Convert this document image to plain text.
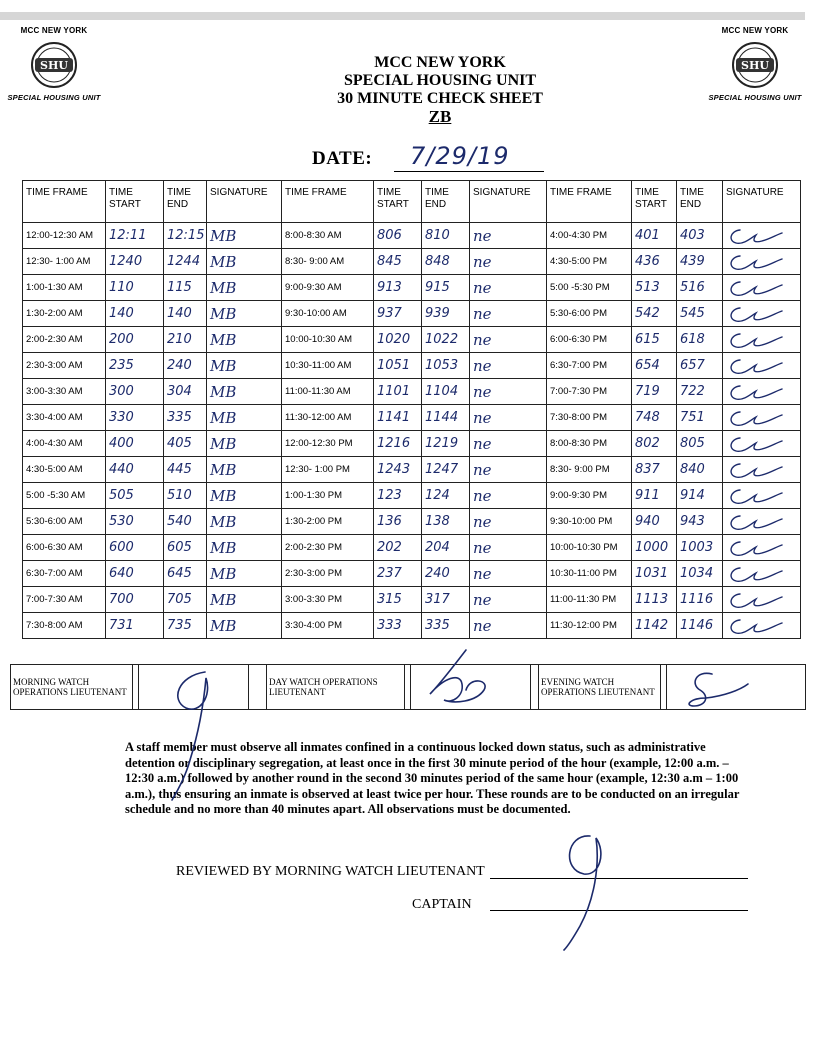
MCC NEW YORK
SHU
SPECIAL HOUSING UNIT
MCC NEW YORK
SHU
SPECIAL HOUSING UNIT
MCC NEW YORK
SPECIAL HOUSING UNIT
30 MINUTE CHECK SHEET
ZB
DATE: 7/29/19
TIME FRAME	TIME START	TIME END	SIGNATURE	TIME FRAME	TIME START	TIME END	SIGNATURE	TIME FRAME	TIME START	TIME END	SIGNATURE
12:00-12:30 AM	12:11	12:15	MB	8:00-8:30 AM	806	810	ne	4:00-4:30 PM	401	403	

12:30- 1:00 AM	1240	1244	MB	8:30- 9:00 AM	845	848	ne	4:30-5:00 PM	436	439	

1:00-1:30 AM	110	115	MB	9:00-9:30 AM	913	915	ne	5:00 -5:30 PM	513	516	

1:30-2:00 AM	140	140	MB	9:30-10:00 AM	937	939	ne	5:30-6:00 PM	542	545	

2:00-2:30 AM	200	210	MB	10:00-10:30 AM	1020	1022	ne	6:00-6:30 PM	615	618	

2:30-3:00 AM	235	240	MB	10:30-11:00 AM	1051	1053	ne	6:30-7:00 PM	654	657	

3:00-3:30 AM	300	304	MB	11:00-11:30 AM	1101	1104	ne	7:00-7:30 PM	719	722	

3:30-4:00 AM	330	335	MB	11:30-12:00 AM	1141	1144	ne	7:30-8:00 PM	748	751	

4:00-4:30 AM	400	405	MB	12:00-12:30 PM	1216	1219	ne	8:00-8:30 PM	802	805	

4:30-5:00 AM	440	445	MB	12:30- 1:00 PM	1243	1247	ne	8:30- 9:00 PM	837	840	

5:00 -5:30 AM	505	510	MB	1:00-1:30 PM	123	124	ne	9:00-9:30 PM	911	914	

5:30-6:00 AM	530	540	MB	1:30-2:00 PM	136	138	ne	9:30-10:00 PM	940	943	

6:00-6:30 AM	600	605	MB	2:00-2:30 PM	202	204	ne	10:00-10:30 PM	1000	1003	

6:30-7:00 AM	640	645	MB	2:30-3:00 PM	237	240	ne	10:30-11:00 PM	1031	1034	

7:00-7:30 AM	700	705	MB	3:00-3:30 PM	315	317	ne	11:00-11:30 PM	1113	1116	

7:30-8:00 AM	731	735	MB	3:30-4:00 PM	333	335	ne	11:30-12:00 PM	1142	1146	
MORNING WATCH OPERATIONS LIEUTENANT				DAY WATCH OPERATIONS LIEUTENANT				EVENING WATCH OPERATIONS LIEUTENANT		
A staff member must observe all inmates confined in a continuous locked down status, such as administrative detention or disciplinary segregation, at least once in the first 30 minute period of the hour (example, 12:00 a.m. – 12:30 a.m.) followed by another round in the second 30 minutes period of the same hour (example, 12:30 a.m – 1:00 a.m.), thus ensuring an inmate is observed at least twice per hour. These rounds are to be conducted on an irregular schedule and no more than 40 minutes apart. All observations must be documented.
REVIEWED BY MORNING WATCH LIEUTENANT
CAPTAIN
